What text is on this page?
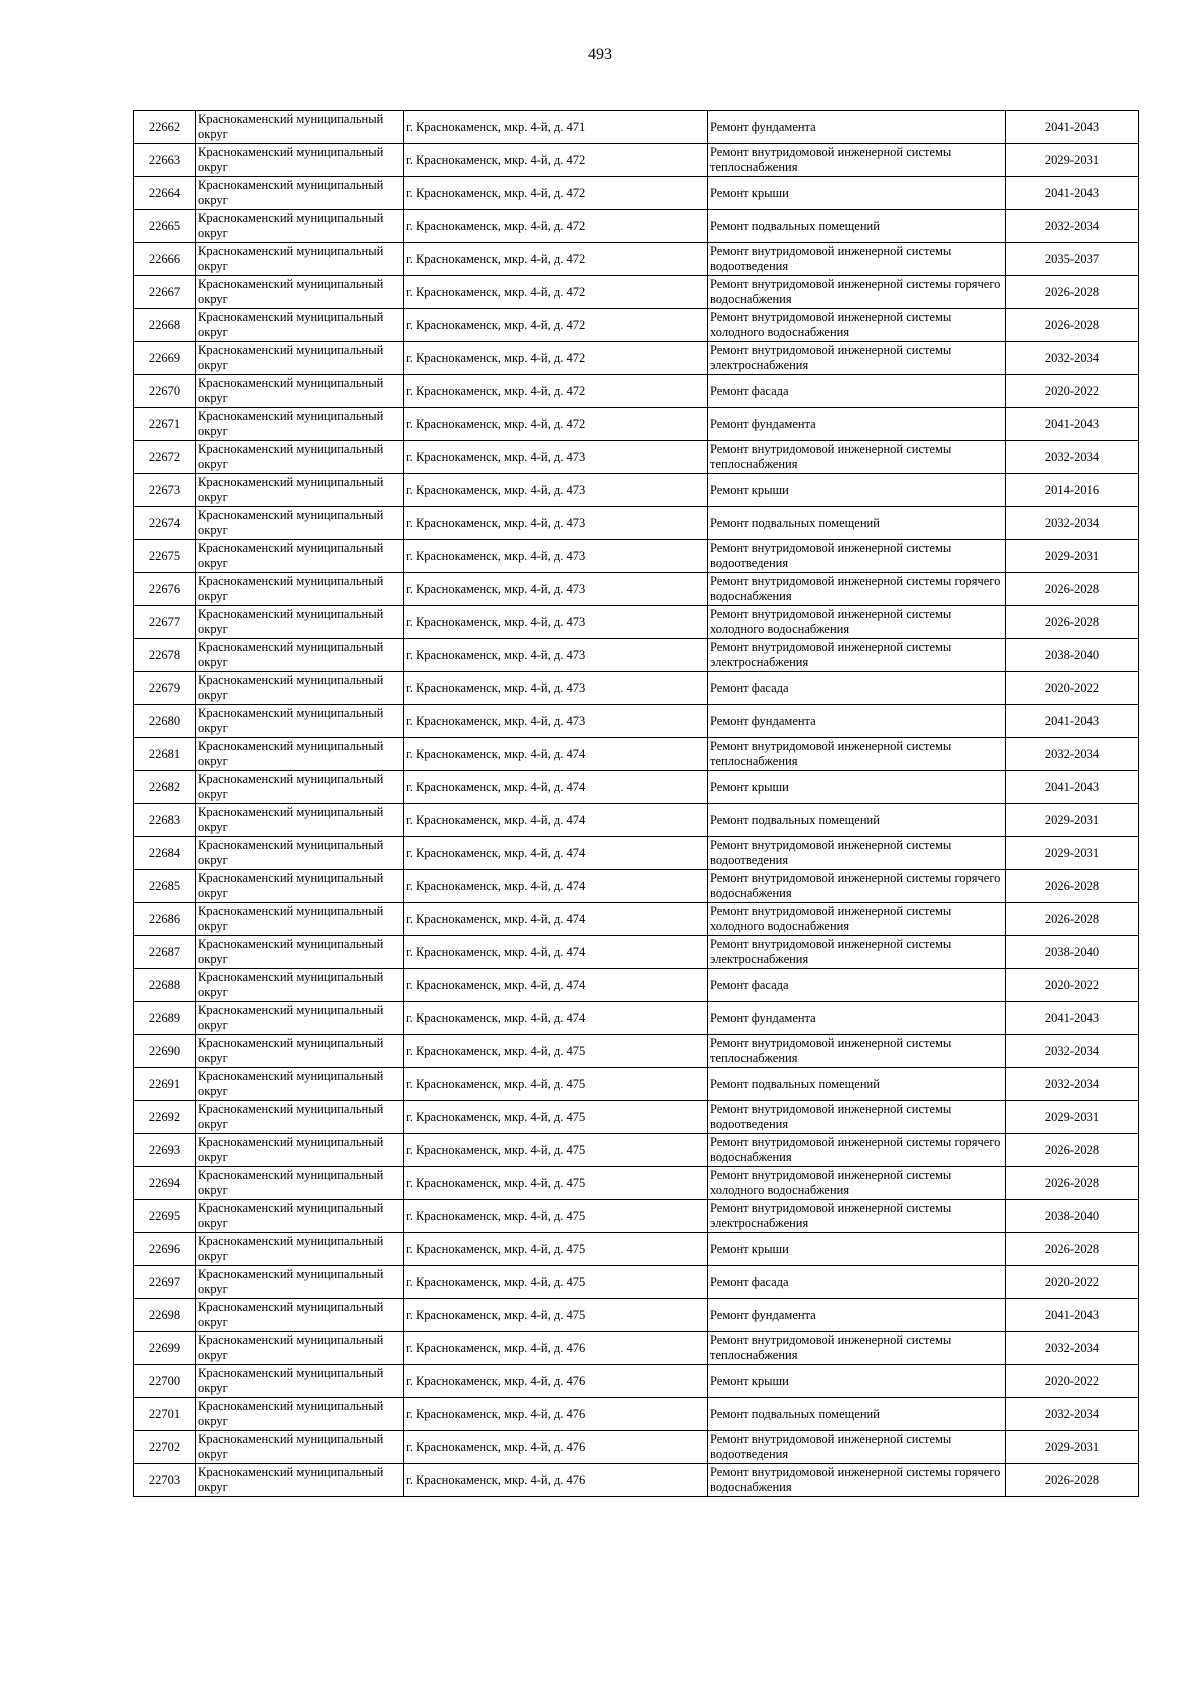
493
22662	Краснокаменский муниципальный округ	г. Краснокаменск, мкр. 4-й, д. 471	Ремонт фундамента	2041-2043
22663	Краснокаменский муниципальный округ	г. Краснокаменск, мкр. 4-й, д. 472	Ремонт внутридомовой инженерной системы теплоснабжения	2029-2031
22664	Краснокаменский муниципальный округ	г. Краснокаменск, мкр. 4-й, д. 472	Ремонт крыши	2041-2043
22665	Краснокаменский муниципальный округ	г. Краснокаменск, мкр. 4-й, д. 472	Ремонт подвальных помещений	2032-2034
22666	Краснокаменский муниципальный округ	г. Краснокаменск, мкр. 4-й, д. 472	Ремонт внутридомовой инженерной системы водоотведения	2035-2037
22667	Краснокаменский муниципальный округ	г. Краснокаменск, мкр. 4-й, д. 472	Ремонт внутридомовой инженерной системы горячего водоснабжения	2026-2028
22668	Краснокаменский муниципальный округ	г. Краснокаменск, мкр. 4-й, д. 472	Ремонт внутридомовой инженерной системы холодного водоснабжения	2026-2028
22669	Краснокаменский муниципальный округ	г. Краснокаменск, мкр. 4-й, д. 472	Ремонт внутридомовой инженерной системы электроснабжения	2032-2034
22670	Краснокаменский муниципальный округ	г. Краснокаменск, мкр. 4-й, д. 472	Ремонт фасада	2020-2022
22671	Краснокаменский муниципальный округ	г. Краснокаменск, мкр. 4-й, д. 472	Ремонт фундамента	2041-2043
22672	Краснокаменский муниципальный округ	г. Краснокаменск, мкр. 4-й, д. 473	Ремонт внутридомовой инженерной системы теплоснабжения	2032-2034
22673	Краснокаменский муниципальный округ	г. Краснокаменск, мкр. 4-й, д. 473	Ремонт крыши	2014-2016
22674	Краснокаменский муниципальный округ	г. Краснокаменск, мкр. 4-й, д. 473	Ремонт подвальных помещений	2032-2034
22675	Краснокаменский муниципальный округ	г. Краснокаменск, мкр. 4-й, д. 473	Ремонт внутридомовой инженерной системы водоотведения	2029-2031
22676	Краснокаменский муниципальный округ	г. Краснокаменск, мкр. 4-й, д. 473	Ремонт внутридомовой инженерной системы горячего водоснабжения	2026-2028
22677	Краснокаменский муниципальный округ	г. Краснокаменск, мкр. 4-й, д. 473	Ремонт внутридомовой инженерной системы холодного водоснабжения	2026-2028
22678	Краснокаменский муниципальный округ	г. Краснокаменск, мкр. 4-й, д. 473	Ремонт внутридомовой инженерной системы электроснабжения	2038-2040
22679	Краснокаменский муниципальный округ	г. Краснокаменск, мкр. 4-й, д. 473	Ремонт фасада	2020-2022
22680	Краснокаменский муниципальный округ	г. Краснокаменск, мкр. 4-й, д. 473	Ремонт фундамента	2041-2043
22681	Краснокаменский муниципальный округ	г. Краснокаменск, мкр. 4-й, д. 474	Ремонт внутридомовой инженерной системы теплоснабжения	2032-2034
22682	Краснокаменский муниципальный округ	г. Краснокаменск, мкр. 4-й, д. 474	Ремонт крыши	2041-2043
22683	Краснокаменский муниципальный округ	г. Краснокаменск, мкр. 4-й, д. 474	Ремонт подвальных помещений	2029-2031
22684	Краснокаменский муниципальный округ	г. Краснокаменск, мкр. 4-й, д. 474	Ремонт внутридомовой инженерной системы водоотведения	2029-2031
22685	Краснокаменский муниципальный округ	г. Краснокаменск, мкр. 4-й, д. 474	Ремонт внутридомовой инженерной системы горячего водоснабжения	2026-2028
22686	Краснокаменский муниципальный округ	г. Краснокаменск, мкр. 4-й, д. 474	Ремонт внутридомовой инженерной системы холодного водоснабжения	2026-2028
22687	Краснокаменский муниципальный округ	г. Краснокаменск, мкр. 4-й, д. 474	Ремонт внутридомовой инженерной системы электроснабжения	2038-2040
22688	Краснокаменский муниципальный округ	г. Краснокаменск, мкр. 4-й, д. 474	Ремонт фасада	2020-2022
22689	Краснокаменский муниципальный округ	г. Краснокаменск, мкр. 4-й, д. 474	Ремонт фундамента	2041-2043
22690	Краснокаменский муниципальный округ	г. Краснокаменск, мкр. 4-й, д. 475	Ремонт внутридомовой инженерной системы теплоснабжения	2032-2034
22691	Краснокаменский муниципальный округ	г. Краснокаменск, мкр. 4-й, д. 475	Ремонт подвальных помещений	2032-2034
22692	Краснокаменский муниципальный округ	г. Краснокаменск, мкр. 4-й, д. 475	Ремонт внутридомовой инженерной системы водоотведения	2029-2031
22693	Краснокаменский муниципальный округ	г. Краснокаменск, мкр. 4-й, д. 475	Ремонт внутридомовой инженерной системы горячего водоснабжения	2026-2028
22694	Краснокаменский муниципальный округ	г. Краснокаменск, мкр. 4-й, д. 475	Ремонт внутридомовой инженерной системы холодного водоснабжения	2026-2028
22695	Краснокаменский муниципальный округ	г. Краснокаменск, мкр. 4-й, д. 475	Ремонт внутридомовой инженерной системы электроснабжения	2038-2040
22696	Краснокаменский муниципальный округ	г. Краснокаменск, мкр. 4-й, д. 475	Ремонт крыши	2026-2028
22697	Краснокаменский муниципальный округ	г. Краснокаменск, мкр. 4-й, д. 475	Ремонт фасада	2020-2022
22698	Краснокаменский муниципальный округ	г. Краснокаменск, мкр. 4-й, д. 475	Ремонт фундамента	2041-2043
22699	Краснокаменский муниципальный округ	г. Краснокаменск, мкр. 4-й, д. 476	Ремонт внутридомовой инженерной системы теплоснабжения	2032-2034
22700	Краснокаменский муниципальный округ	г. Краснокаменск, мкр. 4-й, д. 476	Ремонт крыши	2020-2022
22701	Краснокаменский муниципальный округ	г. Краснокаменск, мкр. 4-й, д. 476	Ремонт подвальных помещений	2032-2034
22702	Краснокаменский муниципальный округ	г. Краснокаменск, мкр. 4-й, д. 476	Ремонт внутридомовой инженерной системы водоотведения	2029-2031
22703	Краснокаменский муниципальный округ	г. Краснокаменск, мкр. 4-й, д. 476	Ремонт внутридомовой инженерной системы горячего водоснабжения	2026-2028
